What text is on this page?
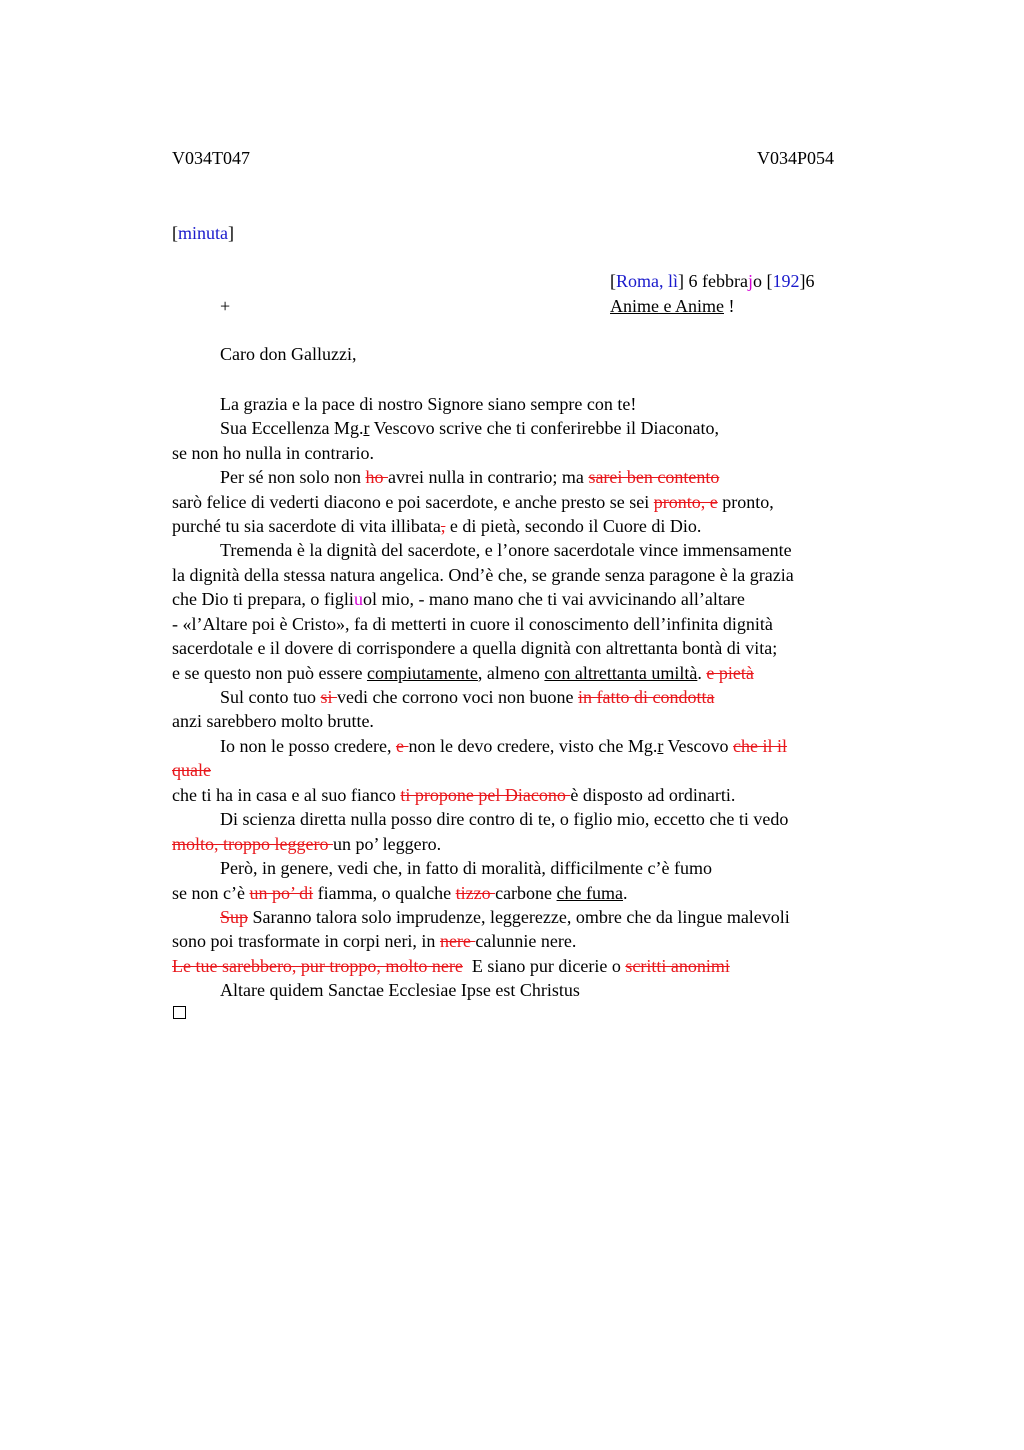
V034T047	V034P054
[minuta]
[Roma, lì] 6 febbrajo [192]6
+	Anime e Anime !
Caro don Galluzzi,
La grazia e la pace di nostro Signore siano sempre con te!
Sua Eccellenza Mg.r Vescovo scrive che ti conferirebbe il Diaconato,
se non ho nulla in contrario.
Per sé non solo non ho avrei nulla in contrario; ma sarei ben contento
sarò felice di vederti diacono e poi sacerdote, e anche presto se sei pronto, e pronto,
purché tu sia sacerdote di vita illibata, e di pietà, secondo il Cuore di Dio.
Tremenda è la dignità del sacerdote, e l’onore sacerdotale vince immensamente
la dignità della stessa natura angelica. Ond’è che, se grande senza paragone è la grazia
che Dio ti prepara, o figliuol mio, - mano mano che ti vai avvicinando all’altare
- «l’Altare poi è Cristo», fa di metterti in cuore il conoscimento dell’infinita dignità
sacerdotale e il dovere di corrispondere a quella dignità con altrettanta bontà di vita;
e se questo non può essere compiutamente, almeno con altrettanta umiltà. e pietà
Sul conto tuo si vedi che corrono voci non buone in fatto di condotta
anzi sarebbero molto brutte.
Io non le posso credere, e non le devo credere, visto che Mg.r Vescovo che il il
quale
che ti ha in casa e al suo fianco ti propone pel Diacono è disposto ad ordinarti.
Di scienza diretta nulla posso dire contro di te, o figlio mio, eccetto che ti vedo
molto, troppo leggero un po’ leggero.
Però, in genere, vedi che, in fatto di moralità, difficilmente c’è fumo
se non c’è un po’ di fiamma, o qualche tizzo carbone che fuma.
Sup Saranno talora solo imprudenze, leggerezze, ombre che da lingue malevoli
sono poi trasformate in corpi neri, in nere calunnie nere.
Le tue sarebbero, pur troppo, molto nere  E siano pur dicerie o scritti anonimi
Altare quidem Sanctae Ecclesiae Ipse est Christus
